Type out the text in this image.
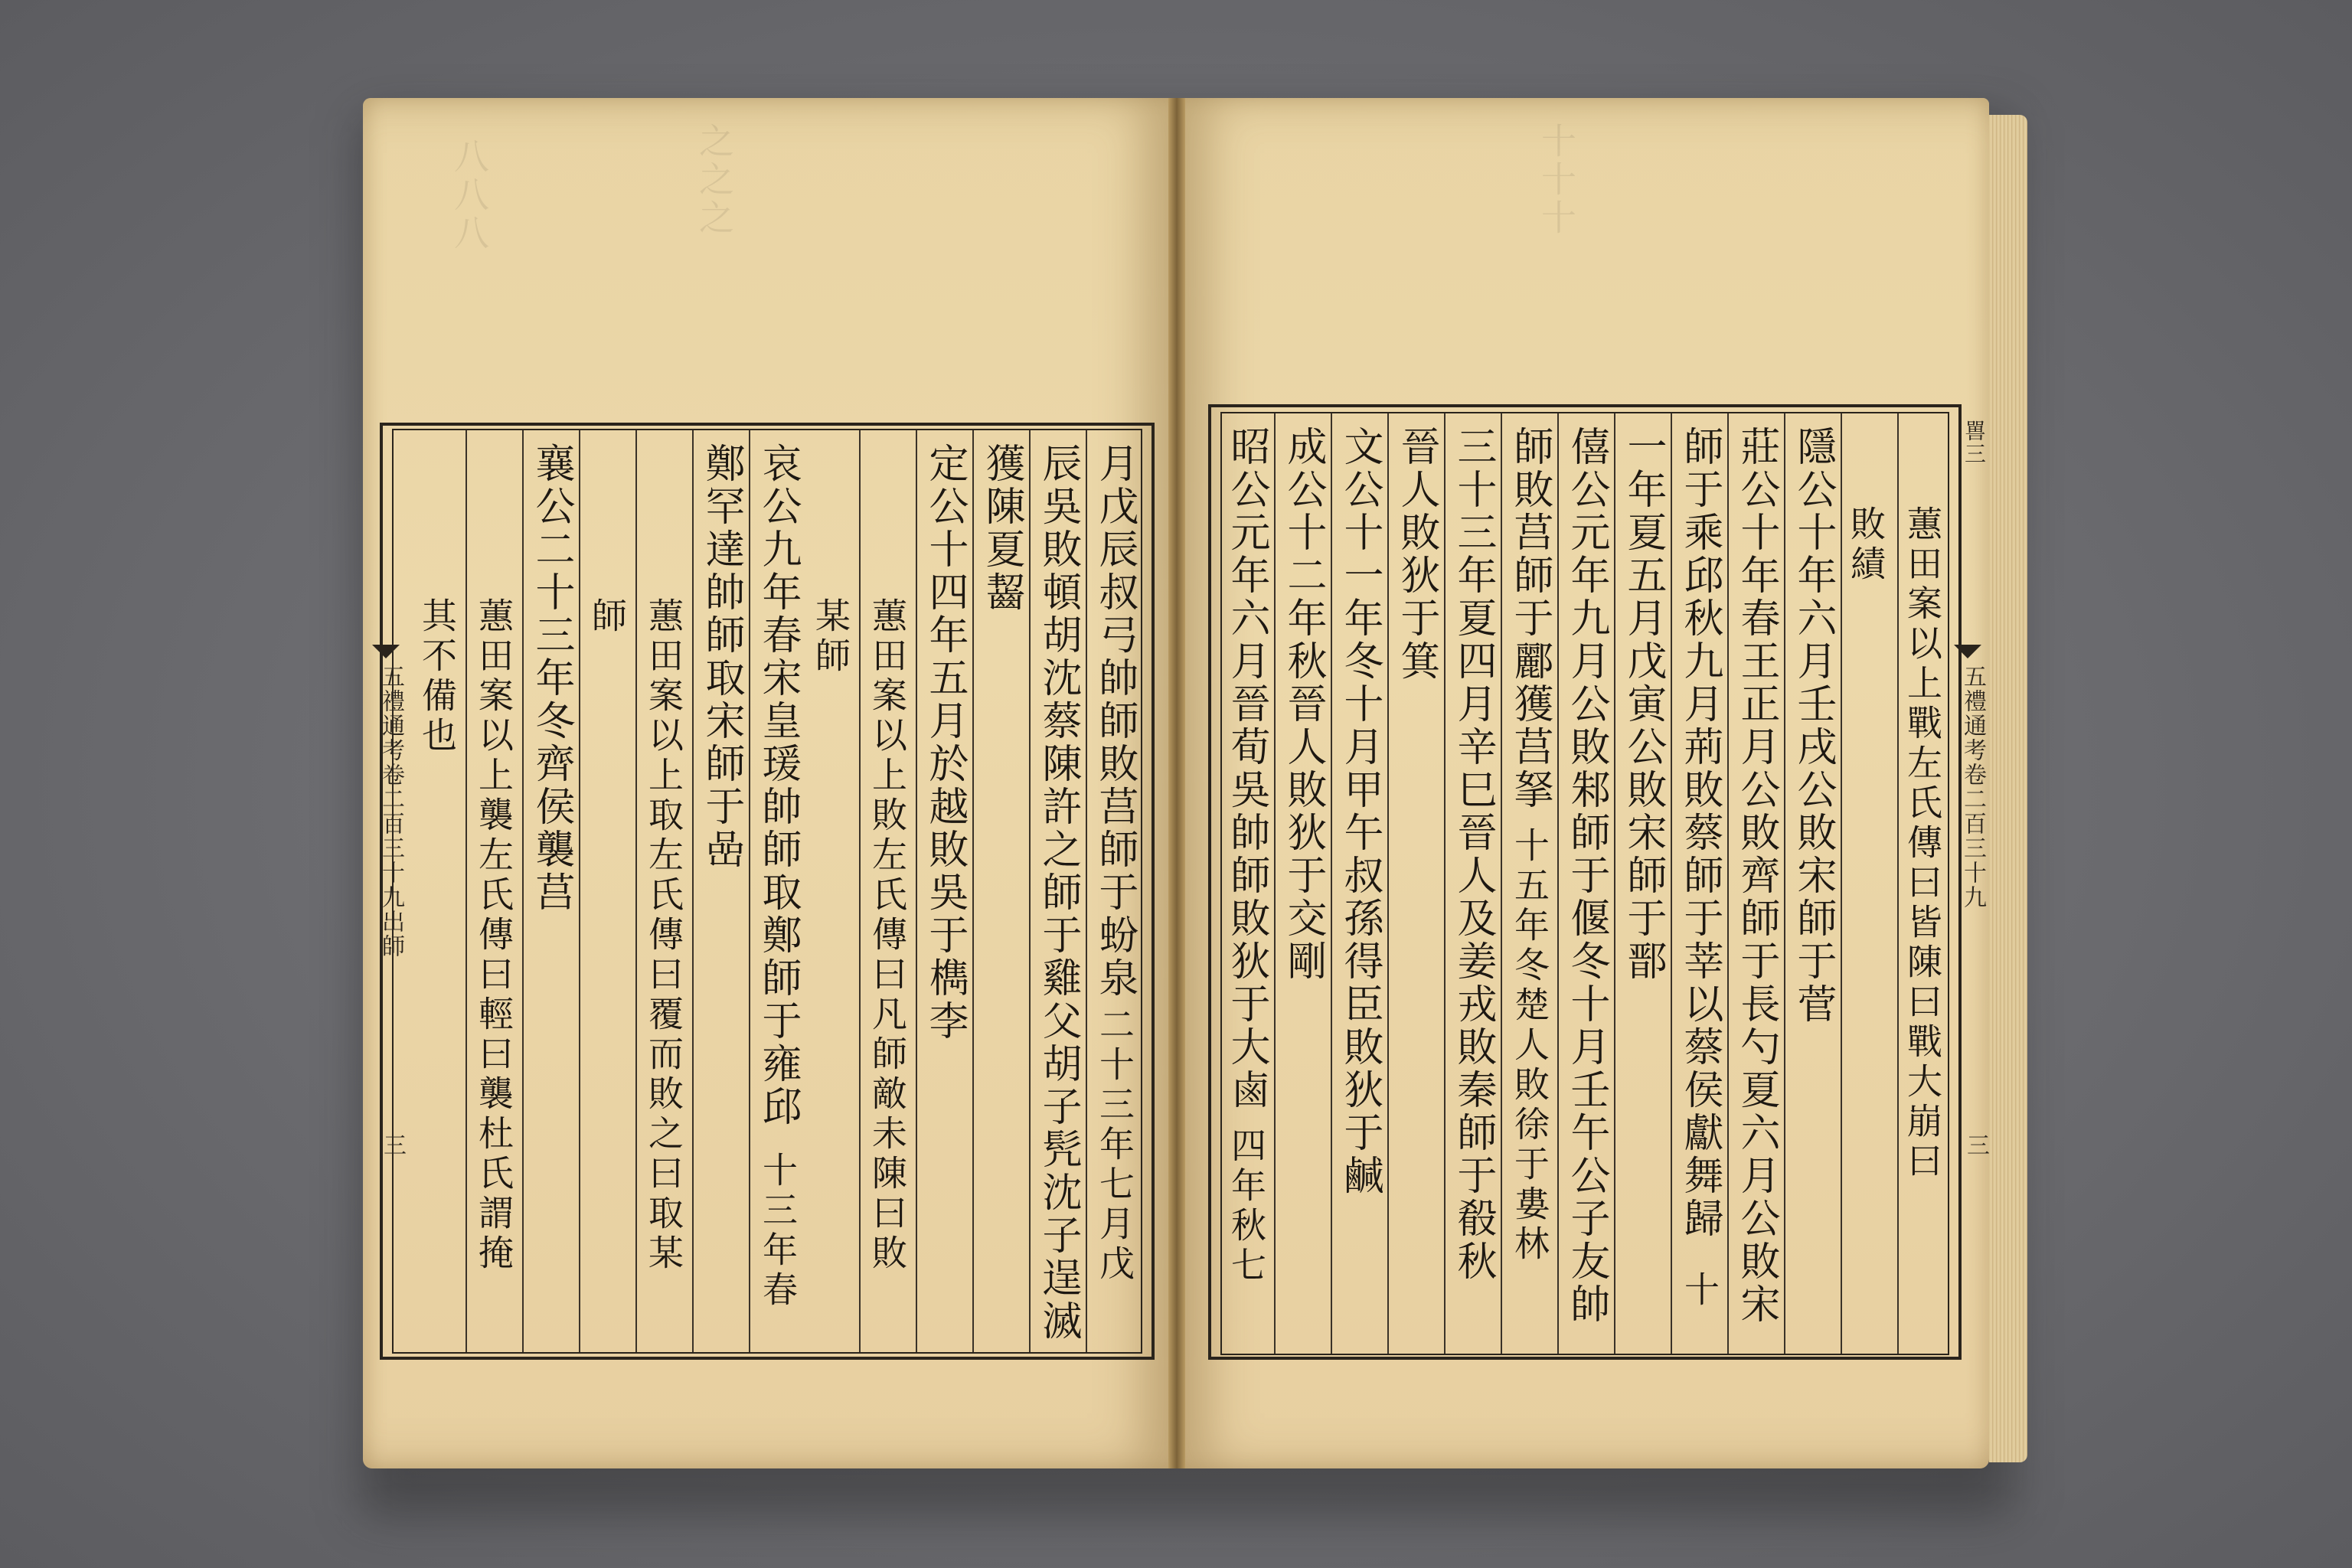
八八八	之之之	十十十
五禮通考卷二百三十九出師
三
嘼三
五禮通考卷二百三十九
三
月戊辰叔弓帥師敗莒師于蚡泉二十三年七月戊
辰吳敗頓胡沈蔡陳許之師于雞父胡子髠沈子逞滅
獲陳夏齧
定公十四年五月於越敗吳于檇李
蕙田案以上敗左氏傳曰凡師敵未陳曰敗
某師
哀公九年春宋皇瑗帥師取鄭師于雍邱十三年春
鄭罕達帥師取宋師于嵒
蕙田案以上取左氏傳曰覆而敗之曰取某
師
襄公二十三年冬齊侯襲莒
蕙田案以上襲左氏傳曰輕曰襲杜氏謂掩
其不備也	蕙田案以上戰左氏傳曰皆陳曰戰大崩曰
敗績
隱公十年六月壬戌公敗宋師于菅
莊公十年春王正月公敗齊師于長勺夏六月公敗宋
師于乘邱秋九月荊敗蔡師于莘以蔡侯獻舞歸十
一年夏五月戊寅公敗宋師于鄑
僖公元年九月公敗邾師于偃冬十月壬午公子友帥
師敗莒師于酈獲莒拏十五年冬楚人敗徐于婁林
三十三年夏四月辛巳晉人及姜戎敗秦師于殽秋
晉人敗狄于箕
文公十一年冬十月甲午叔孫得臣敗狄于鹹
成公十二年秋晉人敗狄于交剛
昭公元年六月晉荀吳帥師敗狄于大鹵四年秋七
